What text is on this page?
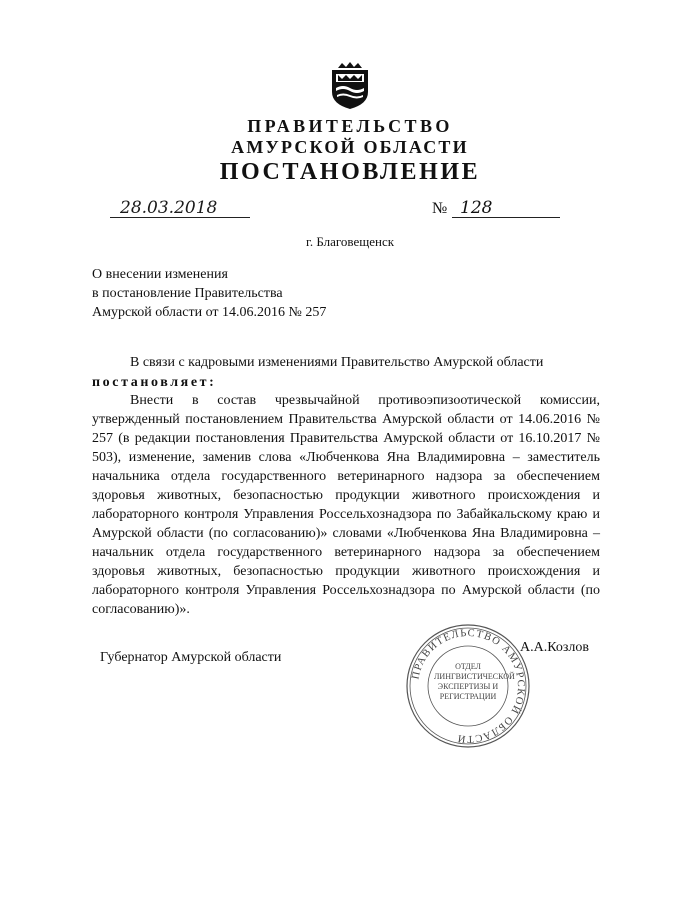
ПРАВИТЕЛЬСТВО
АМУРСКОЙ ОБЛАСТИ
ПОСТАНОВЛЕНИЕ
28.03.2018	№ 128
г. Благовещенск
О внесении изменения
в постановление Правительства
Амурской области от 14.06.2016 № 257
В связи с кадровыми изменениями Правительство Амурской области
постановляет:
Внести в состав чрезвычайной противоэпизоотической комиссии, утвержденный постановлением Правительства Амурской области от 14.06.2016 № 257 (в редакции постановления Правительства Амурской области от 16.10.2017 № 503), изменение, заменив слова «Любченкова Яна Владимировна – заместитель начальника отдела государственного ветеринарного надзора за обеспечением здоровья животных, безопасностью продукции животного происхождения и лабораторного контроля Управления Россельхознадзора по Забайкальскому краю и Амурской области (по согласованию)» словами «Любченкова Яна Владимировна – начальник отдела государственного ветеринарного надзора за обеспечением здоровья животных, безопасностью продукции животного происхождения и лабораторного контроля Управления Россельхознадзора по Амурской области (по согласованию)».
Губернатор Амурской области
ПРАВИТЕЛЬСТВО АМУРСКОЙ ОБЛАСТИ
ОТДЕЛ ЛИНГВИСТИЧЕСКОЙ ЭКСПЕРТИЗЫ И РЕГИСТРАЦИИ
А.А.Козлов
